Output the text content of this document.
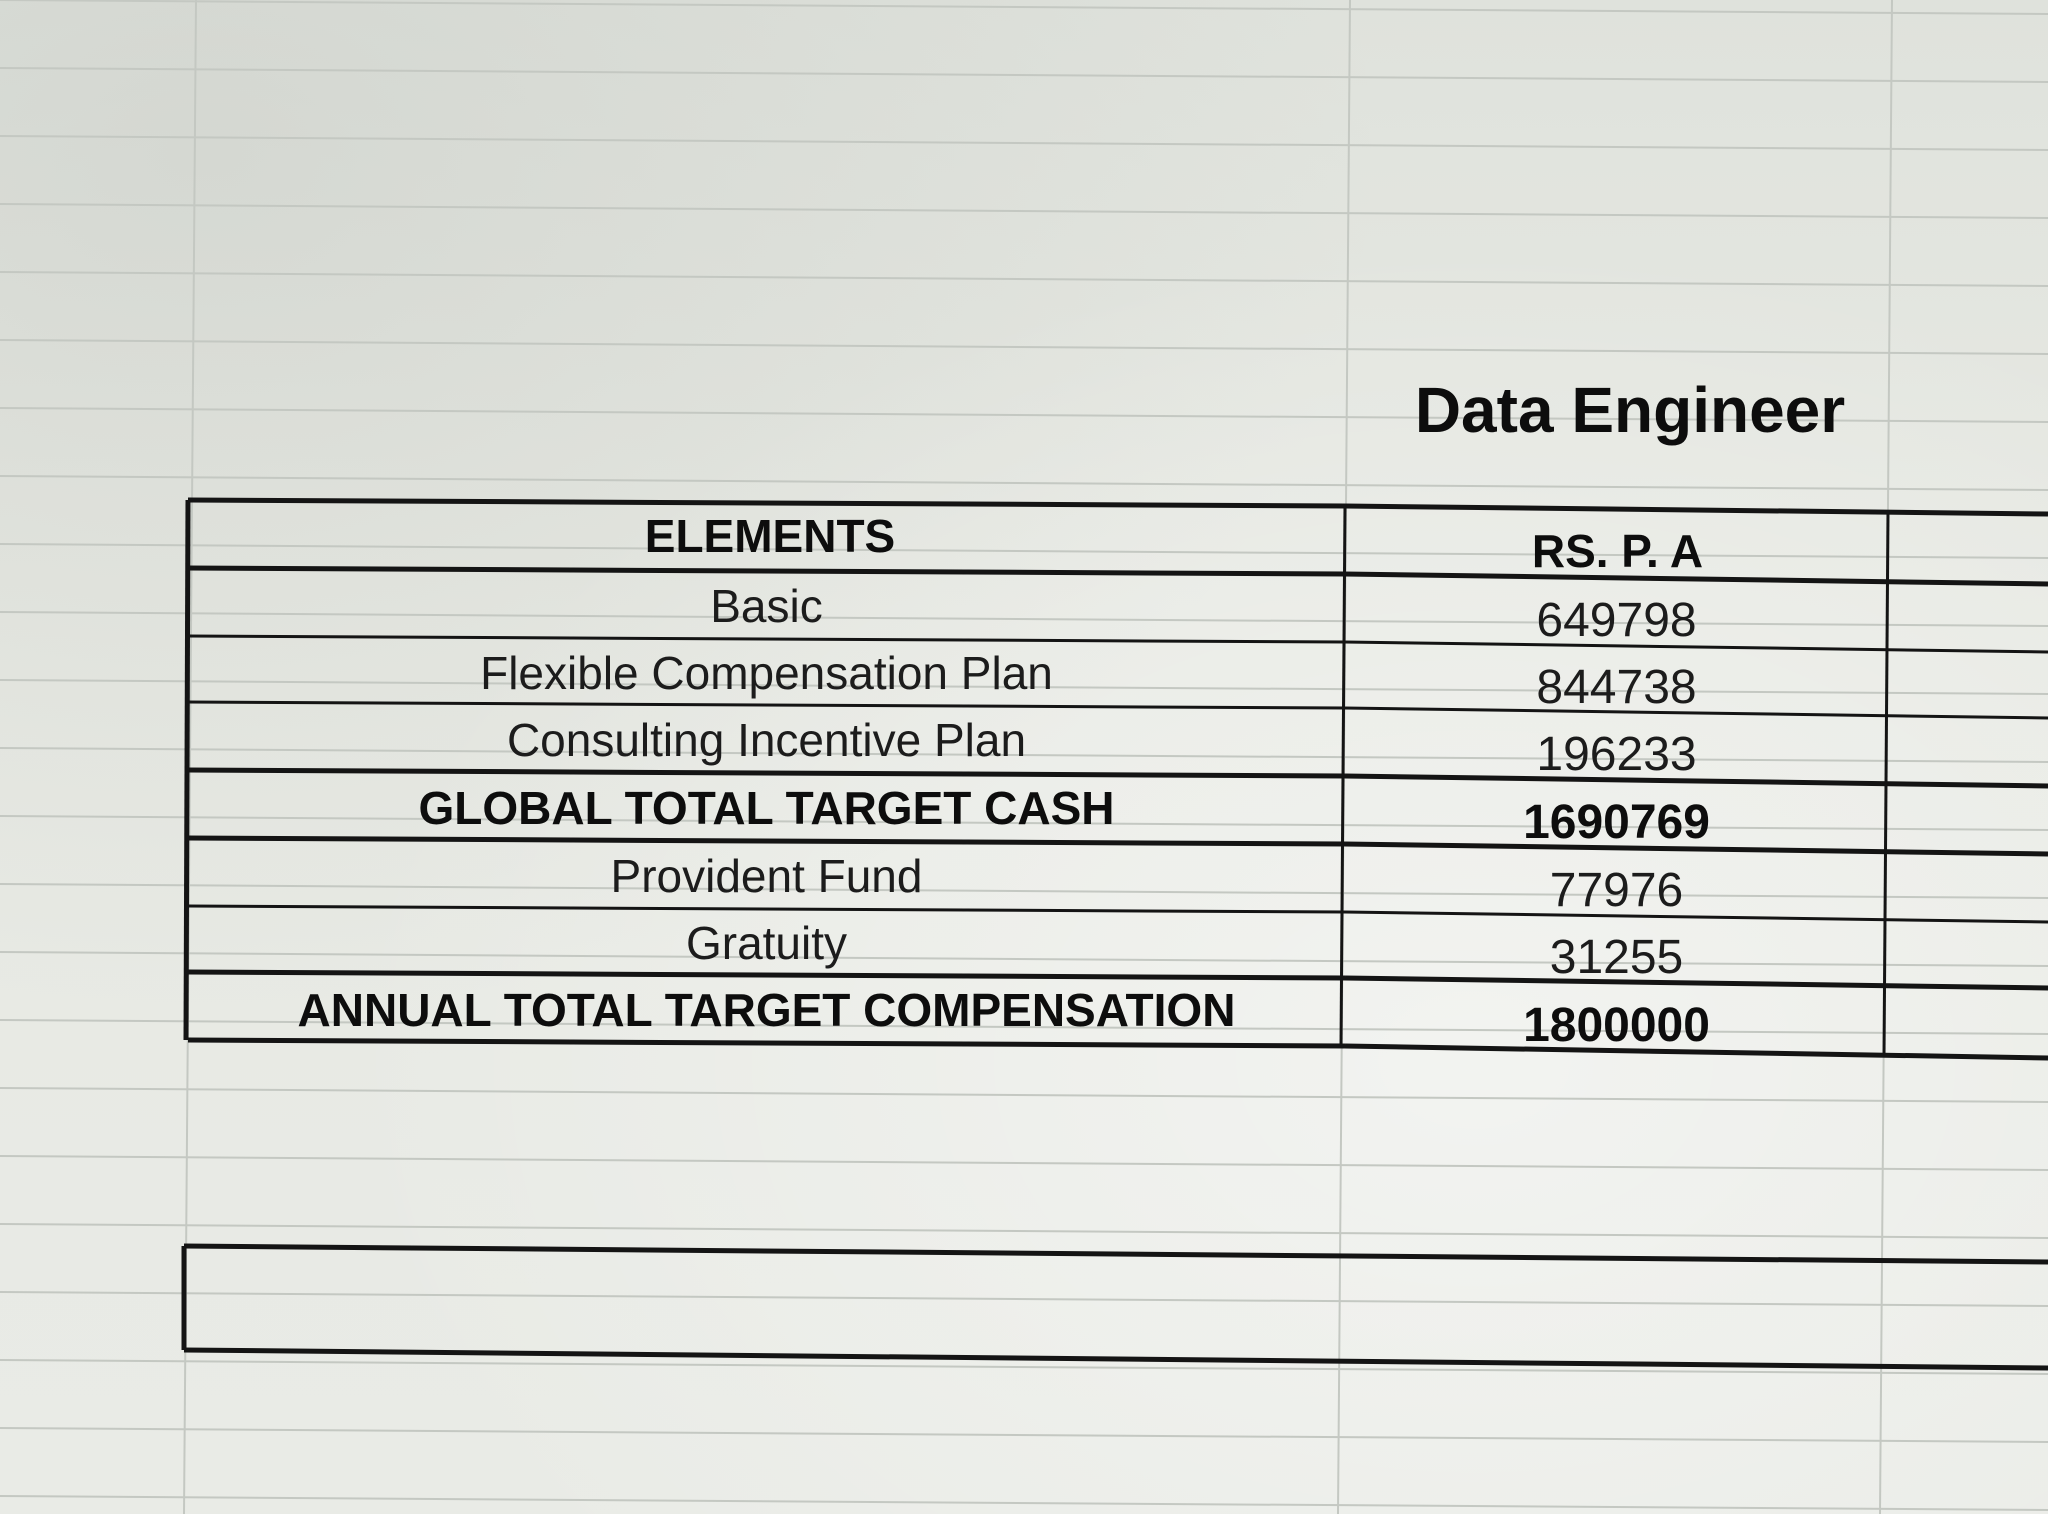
Data Engineer
ELEMENTS	RS. P. A
Basic	649798
Flexible Compensation Plan	844738
Consulting Incentive Plan	196233
GLOBAL TOTAL TARGET CASH	1690769
Provident Fund	77976
Gratuity	31255
ANNUAL TOTAL TARGET COMPENSATION	1800000
